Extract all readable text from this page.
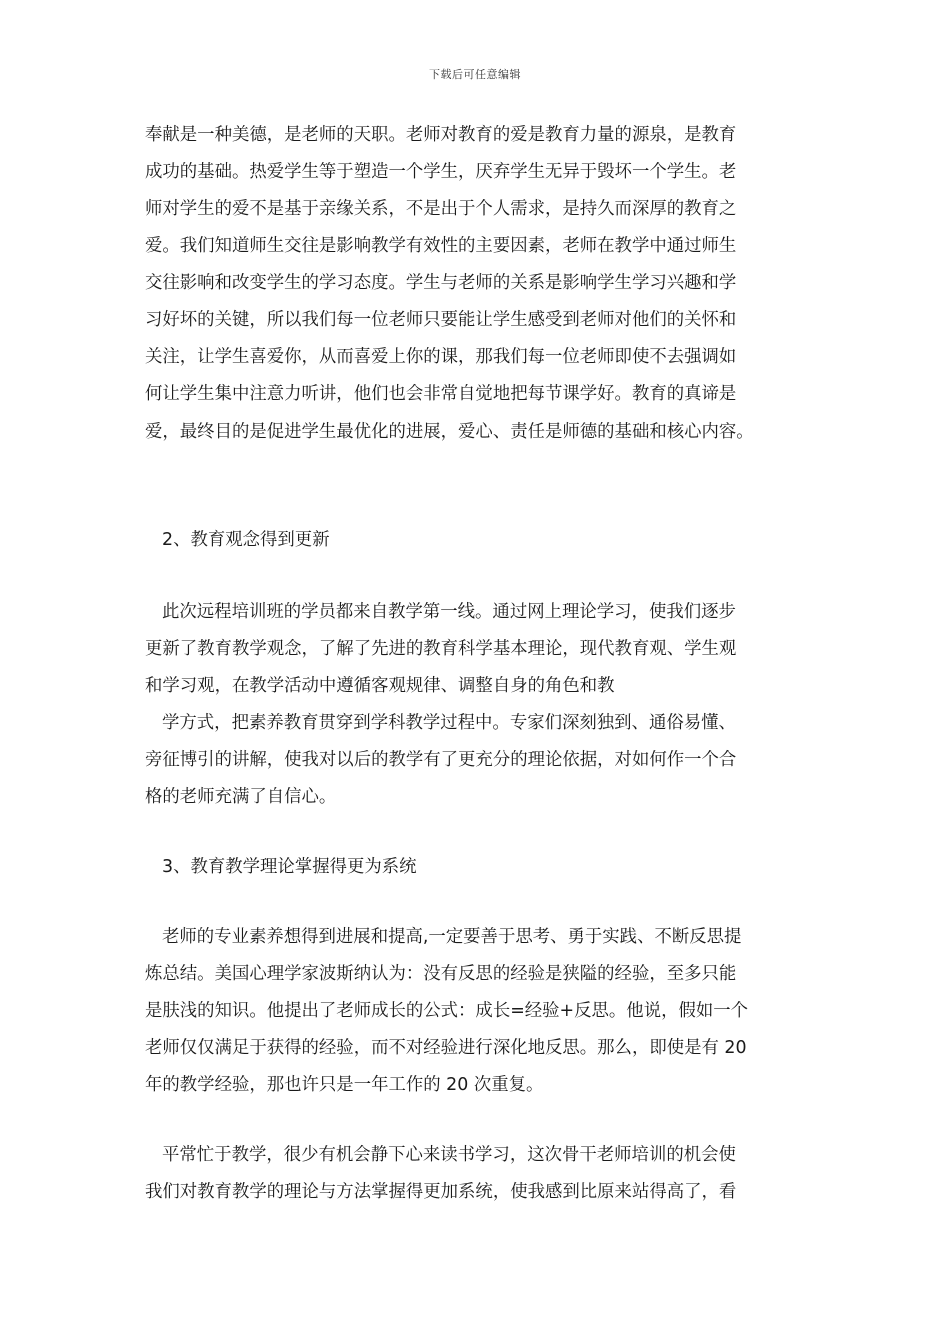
下载后可任意编辑
奉献是一种美德，是老师的天职。老师对教育的爱是教育力量的源泉，是教育
成功的基础。热爱学生等于塑造一个学生，厌弃学生无异于毁坏一个学生。老
师对学生的爱不是基于亲缘关系，不是出于个人需求，是持久而深厚的教育之
爱。我们知道师生交往是影响教学有效性的主要因素，老师在教学中通过师生
交往影响和改变学生的学习态度。学生与老师的关系是影响学生学习兴趣和学
习好坏的关键，所以我们每一位老师只要能让学生感受到老师对他们的关怀和
关注，让学生喜爱你，从而喜爱上你的课，那我们每一位老师即使不去强调如
何让学生集中注意力听讲，他们也会非常自觉地把每节课学好。教育的真谛是
爱，最终目的是促进学生最优化的进展，爱心、责任是师德的基础和核心内容。
2、教育观念得到更新
此次远程培训班的学员都来自教学第一线。通过网上理论学习，使我们逐步
更新了教育教学观念，了解了先进的教育科学基本理论，现代教育观、学生观
和学习观，在教学活动中遵循客观规律、调整自身的角色和教
学方式，把素养教育贯穿到学科教学过程中。专家们深刻独到、通俗易懂、
旁征博引的讲解，使我对以后的教学有了更充分的理论依据，对如何作一个合
格的老师充满了自信心。
3、教育教学理论掌握得更为系统
老师的专业素养想得到进展和提高,一定要善于思考、勇于实践、不断反思提
炼总结。美国心理学家波斯纳认为：没有反思的经验是狭隘的经验，至多只能
是肤浅的知识。他提出了老师成长的公式：成长=经验+反思。他说，假如一个
老师仅仅满足于获得的经验，而不对经验进行深化地反思。那么，即使是有 20
年的教学经验，那也许只是一年工作的 20 次重复。
平常忙于教学，很少有机会静下心来读书学习，这次骨干老师培训的机会使
我们对教育教学的理论与方法掌握得更加系统，使我感到比原来站得高了，看
